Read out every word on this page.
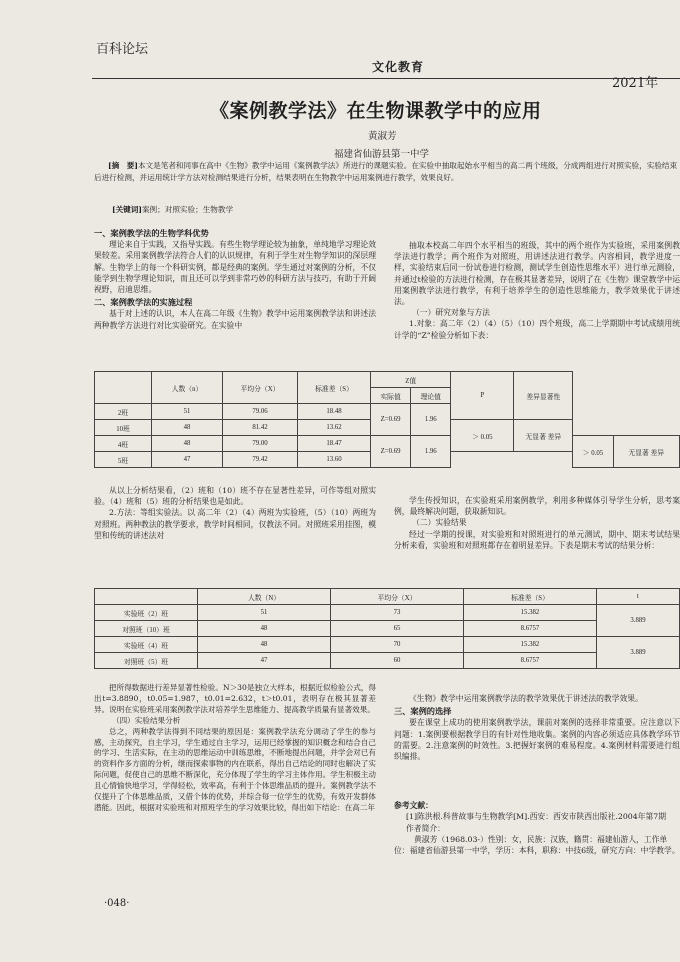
百科论坛
文化教育
2021年
《案例教学法》在生物课教学中的应用
黄淑芳
福建省仙游县第一中学
[摘　要]本文是笔者和同事在高中《生物》教学中运用《案例教学法》所进行的课题实验。在实验中抽取起始水平相当的高二两个班级，分成两组进行对照实验，实验结束后进行检测，并运用统计学方法对检测结果进行分析，结果表明在生物教学中运用案例进行教学，效果良好。
[关键词]案例；对照实验；生物教学

一、案例教学法的生物学科优势

理论来自于实践，又指导实践。有些生物学理论较为抽象，单纯地学习理论效果较差。采用案例教学法符合人们的认识规律，有利于学生对生物学知识的深层理解。生物学上的每一个科研实例，都是经典的案例。学生通过对案例的分析，不仅能学到生物学理论知识，而且还可以学到非常巧妙的科研方法与技巧，有助于开阔视野，启迪思维。

二、案例教学法的实施过程

基于对上述的认识，本人在高二年级《生物》教学中运用案例教学法和讲述法两种教学方法进行对比实验研究。在实验中

抽取本校高二年四个水平相当的班级，其中的两个班作为实验班，采用案例教学法进行教学；两个班作为对照班，用讲述法进行教学。内容相同，教学进度一样，实验结束后同一份试卷进行检测，测试学生创造性思维水平）进行单元测验，并通过t检验的方法进行检测，存在极其显著差异，说明了在《生物》课堂教学中运用案例教学法进行教学，有利于培养学生的创造性思维能力，教学效果优于讲述法。

（一）研究对象与方法

1.对象：高二年（2）（4）（5）（10）四个班级，高二上学期期中考试成绩用统计学的“Z”检验分析如下表：

	人数（n）	平均分（X）	标准差（S）	Z值		P	差异显著性		
				实际值	理论值				
2班	51	79.06	18.48	Z=0.69	1.96				
10班	48	81.42	13.62			＞ 0.05	无显著 差异		
4班	48	79.00	18.47	Z=0.69	1.96			＞ 0.05	无显著 差异
5班	47	79.42	13.60						

从以上分析结果看，（2）班和（10）班不存在显著性差异，可作等组对照实验。（4）班和（5）班的分析结果也是如此。

2.方法：等组实验法。以 高二年（2）（4）两班为实验班，（5）（10）两班为对照班。两种教法的教学要求，教学时间相同，仅教法不同。对照班采用挂图，模型和传统的讲述法对

学生传授知识，在实验班采用案例教学，利用多种媒体引导学生分析，思考案例，最终解决问题，获取新知识。

（二）实验结果

经过一学期的授课，对实验班和对照班进行的单元测试，期中、期末考试结果分析来看，实验班和对照班都存在着明显差异。下表是期末考试的结果分析：

	人数（N）	平均分（X）	标准差（S）	t
实验班（2）班	51	73	15.382	3.889
对照班（10）班	48	65	8.6757	
实验班（4）班	48	70	15.382	3.889
对照班（5）班	47	60	8.6757	

把所得数据进行差异显著性检验。N＞30是独立大样本，根据近似检验公式，得出t=3.8890，t0.05=1.987，t0.01=2.632，t＞t0.01，表明存在极其显著差异。说明在实验班采用案例教学法对培养学生思维能力、提高教学质量有显著效果。

（四）实验结果分析

总之，两种教学法得到不同结果的原因是：案例教学法充分调动了学生的参与感，主动探究，自主学习，学生通过自主学习，运用已经掌握的知识概念和结合自己的学习、生活实际，在主动的思维运动中训练思维，不断地提出问题，并学会对已有的资料作多方面的分析，继而探索事物的内在联系，得出自己结论的同时也解决了实际问题，促使自己的思维不断深化，充分体现了学生的学习主体作用。学生积极主动且心情愉快地学习，学得轻松，效率高，有利于个体思维品质的提升。案例教学法不仅提升了个体思维品质，又借个体的优势，并综合每一位学生的优势，有效开发群体潜能。因此，根据对实验班和对照班学生的学习效果比较，得出如下结论：在高二年

《生物》教学中运用案例教学法的教学效果优于讲述法的教学效果。

三、案例的选择

要在课堂上成功的使用案例教学法，课前对案例的选择非常重要。应注意以下问题：1.案例要根据教学目的有针对性地收集。案例的内容必须适应具体教学环节的需要。2.注意案例的时效性。3.把握好案例的难易程度。4.案例材料需要进行组织编排。

参考文献：
[1]陈洪根.科普故事与生物教学[M].西安：西安市陕西出版社.2004年第7期
作者简介：
黄淑芳（1968.03-）性别：女，民族：汉族，籍贯：福建仙游人，工作单位：福建省仙游县第一中学，学历：本科，职称：中技6级，研究方向：中学教学。
·048·
